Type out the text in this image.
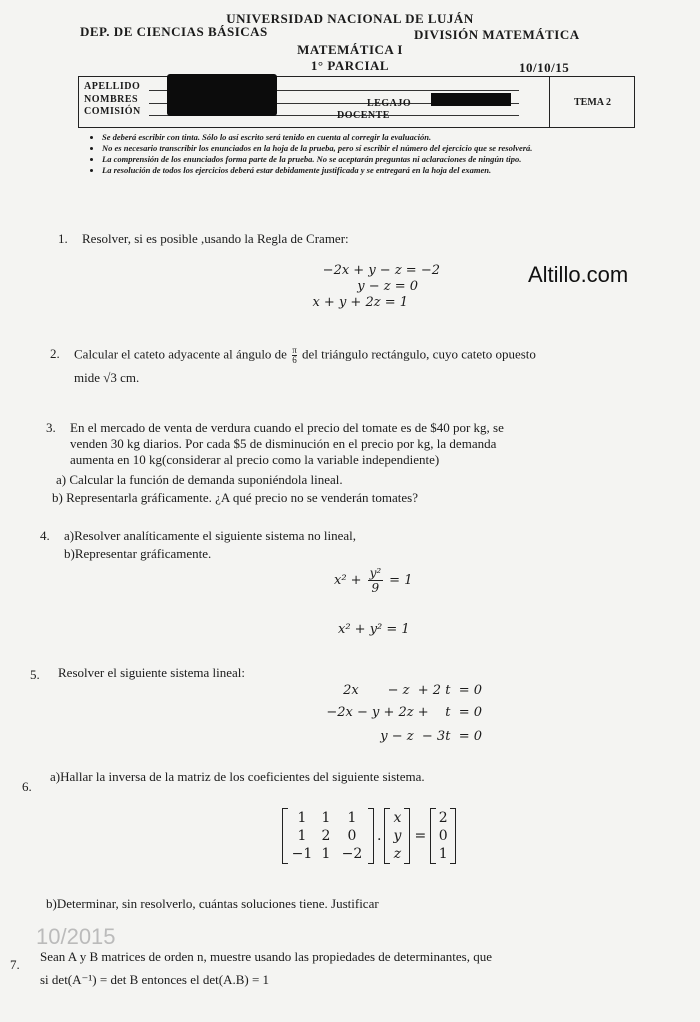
UNIVERSIDAD NACIONAL DE LUJÁN
DEP. DE CIENCIAS BÁSICAS	DIVISIÓN MATEMÁTICA
MATEMÁTICA I
1° PARCIAL	10/10/15
APELLIDO
NOMBRES
COMISIÓN
LEGAJO
DOCENTE
TEMA 2
• Se deberá escribir con tinta. Sólo lo así escrito será tenido en cuenta al corregir la evaluación.
• No es necesario transcribir los enunciados en la hoja de la prueba, pero sí escribir el número del ejercicio que se resolverá.
• La comprensión de los enunciados forma parte de la prueba. No se aceptarán preguntas ni aclaraciones de ningún tipo.
• La resolución de todos los ejercicios deberá estar debidamente justificada y se entregará en la hoja del examen.
Altillo.com
1. Resolver, si es posible ,usando la Regla de Cramer:
−2x + y − z = −2
y − z = 0
x + y + 2z = 1
2. Calcular el cateto adyacente al ángulo de $\frac{\pi}{6}$ del triángulo rectángulo, cuyo cateto opuesto
mide √3 cm.
3. En el mercado de venta de verdura cuando el precio del tomate es de $40 por kg, se
venden 30 kg diarios. Por cada $5 de disminución en el precio por kg, la demanda
aumenta en 10 kg(considerar al precio como la variable independiente)
a) Calcular la función de demanda suponiéndola lineal.
b) Representarla gráficamente. ¿A qué precio no se venderán tomates?
4. a)Resolver analíticamente el siguiente sistema no lineal,
b)Representar gráficamente.
$x^2 + \frac{\text{y²}}{9} = 1$
x² + y² = 1
5. Resolver el siguiente sistema lineal:
2x       − z  + 2 t  = 0
−2x − y + 2z +    t  = 0
y − z  − 3t  = 0
6.
a)Hallar la inversa de la matriz de los coeficientes del siguiente sistema.
1	1	1
1	2	0
−1 1 −2
.
x
y
z
=
2
0
1
b)Determinar, sin resolverlo, cuántas soluciones tiene. Justificar
10/2015
7.
Sean A y B matrices de orden n, muestre usando las propiedades de determinantes, que
si det(A⁻¹) = det B entonces el det(A.B) = 1
